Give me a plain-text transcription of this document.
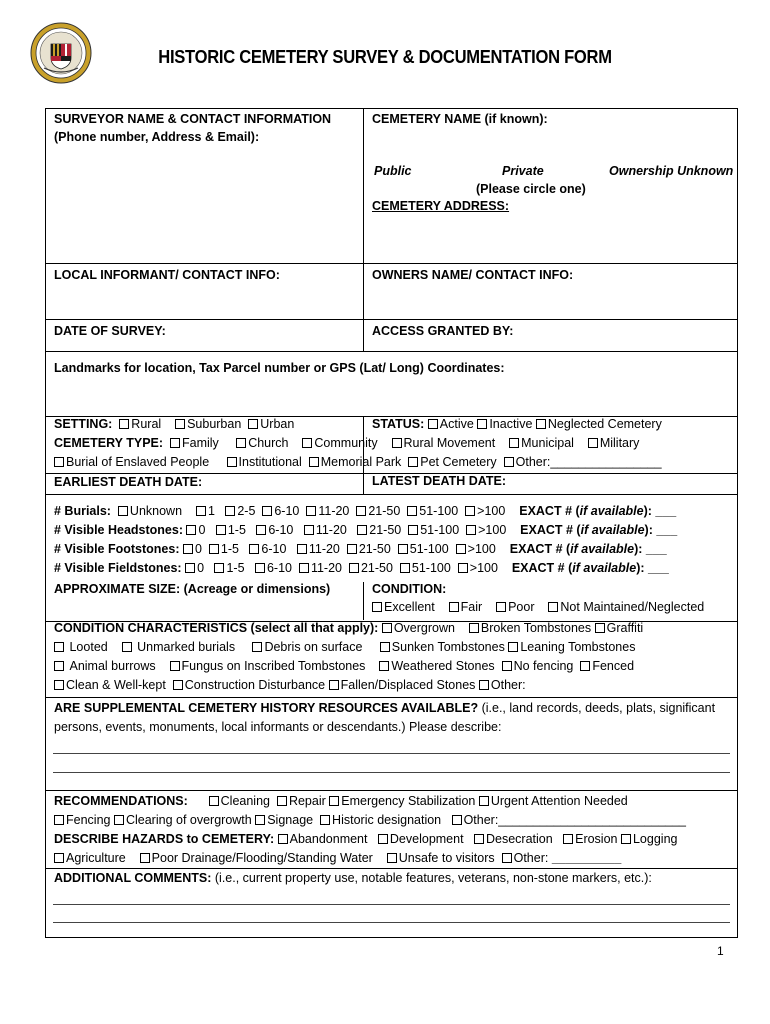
HISTORIC CEMETERY SURVEY & DOCUMENTATION FORM
SURVEYOR NAME & CONTACT INFORMATION
(Phone number, Address & Email):
CEMETERY NAME (if known):
Public	Private	Ownership Unknown
(Please circle one)
CEMETERY ADDRESS:
LOCAL INFORMANT/ CONTACT INFO:	OWNERS NAME/ CONTACT INFO:
DATE OF SURVEY:	ACCESS GRANTED BY:
Landmarks for location, Tax Parcel number or GPS (Lat/ Long) Coordinates:
SETTING: Rural Suburban Urban	STATUS: Active Inactive Neglected Cemetery
CEMETERY TYPE: Family Church Community Rural Movement Municipal Military
Burial of Enslaved People Institutional Memorial Park Pet Cemetery Other:________________
EARLIEST DEATH DATE:	LATEST DEATH DATE:
# Burials: Unknown 1 2-5 6-10 11-20 21-50 51-100 >100 EXACT # (if available): ___
# Visible Headstones: 0 1-5 6-10 11-20 21-50 51-100 >100 EXACT # (if available): ___
# Visible Footstones: 0 1-5 6-10 11-20 21-50 51-100 >100 EXACT # (if available): ___
# Visible Fieldstones: 0 1-5 6-10 11-20 21-50 51-100 >100 EXACT # (if available): ___
APPROXIMATE SIZE: (Acreage or dimensions)	CONDITION:
Excellent Fair Poor Not Maintained/Neglected
CONDITION CHARACTERISTICS (select all that apply): Overgrown Broken Tombstones Graffiti
Looted Unmarked burials Debris on surface Sunken Tombstones Leaning Tombstones
Animal burrows Fungus on Inscribed Tombstones Weathered Stones No fencing Fenced
Clean & Well-kept Construction Disturbance Fallen/Displaced Stones Other:
ARE SUPPLEMENTAL CEMETERY HISTORY RESOURCES AVAILABLE? (i.e., land records, deeds, plats, significant
persons, events, monuments, local informants or descendants.) Please describe:
RECOMMENDATIONS:	Cleaning Repair Emergency Stabilization Urgent Attention Needed
Fencing Clearing of overgrowth Signage Historic designation Other:___________________________
DESCRIBE HAZARDS to CEMETERY: Abandonment Development Desecration Erosion Logging
Agriculture Poor Drainage/Flooding/Standing Water Unsafe to visitors Other: __________
ADDITIONAL COMMENTS: (i.e., current property use, notable features, veterans, non-stone markers, etc.):
1
